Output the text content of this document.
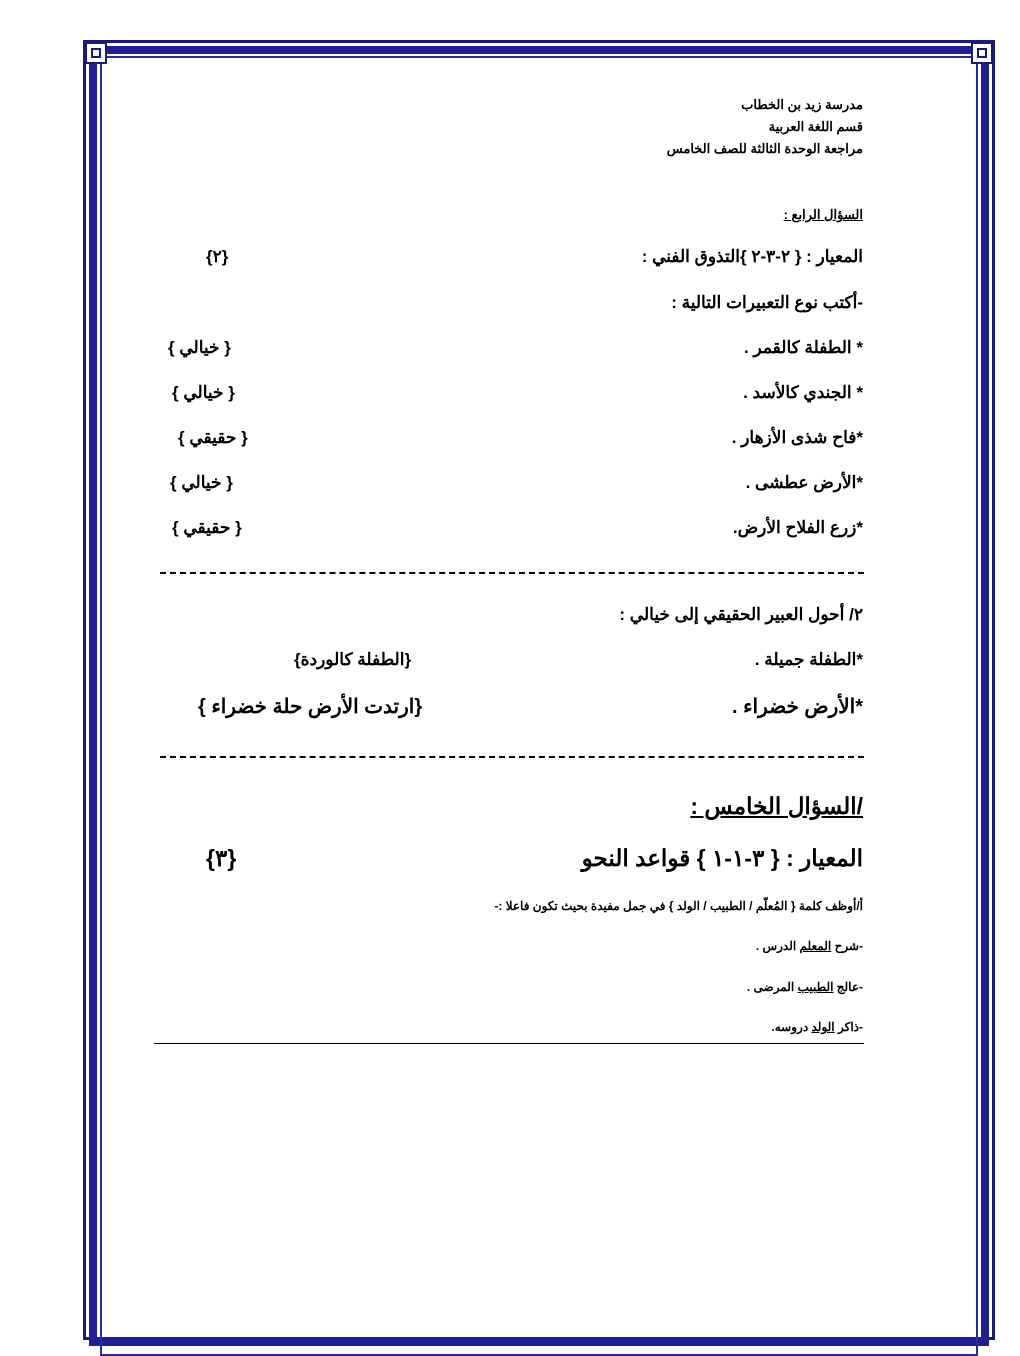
مدرسة زيد بن الخطاب
قسم اللغة العربية
مراجعة الوحدة الثالثة للصف الخامس
السؤال الرابع :
المعيار : { ٢-٣-٢ }التذوق الفني :
{٢}
-أكتب نوع التعبيرات التالية :
* الطفلة كالقمر .
{ خيالي }
* الجندي كالأسد .
{ خيالي }
*فاح شذى الأزهار .
{ حقيقي }
*الأرض عطشى .
{ خيالي }
*زرع الفلاح الأرض.
{ حقيقي }
٢/ أحول العبير الحقيقي إلى خيالي :
*الطفلة جميلة .
{الطفلة كالوردة}
*الأرض خضراء .
{ارتدت الأرض حلة خضراء }
/السؤال الخامس :
المعيار : { ٣-١-١ } قواعد النحو
{٣}
أ/أوظف كلمة { المُعلّم / الطبيب / الولد } في جمل مفيدة بحيث تكون فاعلا :-
-شرح المعلم الدرس .
-عالج الطبيب المرضى .
-ذاكر الولد دروسه.
